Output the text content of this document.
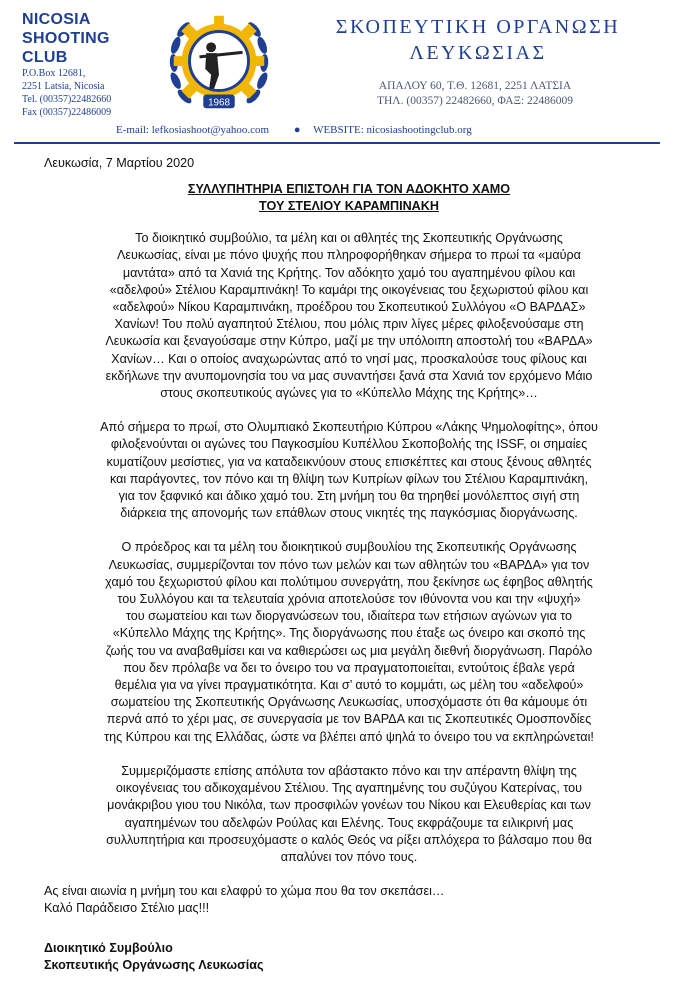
NICOSIA
SHOOTING
CLUB
P.O.Box 12681,
2251 Latsia, Nicosia
Tel. (00357)22482660
Fax (00357)22486009
1968
ΣΚΟΠΕΥΤΙΚΗ ΟΡΓΑΝΩΣΗ
ΛΕΥΚΩΣΙΑΣ
ΑΠΑΛΟΥ 60, Τ.Θ. 12681, 2251 ΛΑΤΣΙΑ
ΤΗΛ. (00357) 22482660, ΦΑΞ: 22486009
E-mail: lefkosiashoot@yahoo.com ● WEBSITE: nicosiashootingclub.org
Λευκωσία, 7 Μαρτίου 2020
ΣΥΛΛΥΠΗΤΗΡΙΑ ΕΠΙΣΤΟΛΗ ΓΙΑ ΤΟΝ ΑΔΟΚΗΤΟ ΧΑΜΟ
ΤΟΥ ΣΤΕΛΙΟΥ ΚΑΡΑΜΠΙΝΑΚΗ
Το διοικητικό συμβούλιο, τα μέλη και οι αθλητές της Σκοπευτικής Οργάνωσης
Λευκωσίας, είναι με πόνο ψυχής που πληροφορήθηκαν σήμερα το πρωί τα «μαύρα
μαντάτα» από τα Χανιά της Κρήτης. Τον αδόκητο χαμό του αγαπημένου φίλου και
«αδελφού» Στέλιου Καραμπινάκη! Το καμάρι της οικογένειας του ξεχωριστού φίλου και
«αδελφού» Νίκου Καραμπινάκη, προέδρου του Σκοπευτικού Συλλόγου «Ο ΒΑΡΔΑΣ»
Χανίων! Του πολύ αγαπητού Στέλιου, που μόλις πριν λίγες μέρες φιλοξενούσαμε στη
Λευκωσία και ξεναγούσαμε στην Κύπρο, μαζί με την υπόλοιπη αποστολή του «ΒΑΡΔΑ»
Χανίων… Και ο οποίος αναχωρώντας από το νησί μας, προσκαλούσε τους φίλους και
εκδήλωνε την ανυπομονησία του να μας συναντήσει ξανά στα Χανιά τον ερχόμενο Μάιο
στους σκοπευτικούς αγώνες για το «Κύπελλο Μάχης της Κρήτης»…
Από σήμερα το πρωί, στο Ολυμπιακό Σκοπευτήριο Κύπρου «Λάκης Ψημολοφίτης», όπου
φιλοξενούνται οι αγώνες του Παγκοσμίου Κυπέλλου Σκοποβολής της ISSF, οι σημαίες
κυματίζουν μεσίστιες, για να καταδεικνύουν στους επισκέπτες και στους ξένους αθλητές
και παράγοντες, τον πόνο και τη θλίψη των Κυπρίων φίλων του Στέλιου Καραμπινάκη,
για τον ξαφνικό και άδικο χαμό του. Στη μνήμη του θα τηρηθεί μονόλεπτος σιγή στη
διάρκεια της απονομής των επάθλων στους νικητές της παγκόσμιας διοργάνωσης.
Ο πρόεδρος και τα μέλη του διοικητικού συμβουλίου της Σκοπευτικής Οργάνωσης
Λευκωσίας, συμμερίζονται τον πόνο των μελών και των αθλητών του «ΒΑΡΔΑ» για τον
χαμό του ξεχωριστού φίλου και πολύτιμου συνεργάτη, που ξεκίνησε ως έφηβος αθλητής
του Συλλόγου και τα τελευταία χρόνια αποτελούσε τον ιθύνοντα νου και την «ψυχή»
του σωματείου και των διοργανώσεων του, ιδιαίτερα των ετήσιων αγώνων για το
«Κύπελλο Μάχης της Κρήτης». Της διοργάνωσης που έταξε ως όνειρο και σκοπό της
ζωής του να αναβαθμίσει και να καθιερώσει ως μια μεγάλη διεθνή διοργάνωση. Παρόλο
που δεν πρόλαβε να δει το όνειρο του να πραγματοποιείται, εντούτοις έβαλε γερά
θεμέλια για να γίνει πραγματικότητα. Και σ’ αυτό το κομμάτι, ως μέλη του «αδελφού»
σωματείου της Σκοπευτικής Οργάνωσης Λευκωσίας, υποσχόμαστε ότι θα κάμουμε ότι
περνά από το χέρι μας, σε συνεργασία με τον ΒΑΡΔΑ και τις Σκοπευτικές Ομοσπονδίες
της Κύπρου και της Ελλάδας, ώστε να βλέπει από ψηλά το όνειρο του να εκπληρώνεται!
Συμμεριζόμαστε επίσης απόλυτα τον αβάστακτο πόνο και την απέραντη θλίψη της
οικογένειας του αδικοχαμένου Στέλιου. Της αγαπημένης του συζύγου Κατερίνας, του
μονάκριβου γιου του Νικόλα, των προσφιλών γονέων του Νίκου και Ελευθερίας και των
αγαπημένων του αδελφών Ρούλας και Ελένης. Τους εκφράζουμε τα ειλικρινή μας
συλλυπητήρια και προσευχόμαστε ο καλός Θεός να ρίξει απλόχερα το βάλσαμο που θα
απαλύνει τον πόνο τους.
Ας είναι αιωνία η μνήμη του και ελαφρύ το χώμα που θα τον σκεπάσει…
Καλό Παράδεισο Στέλιο μας!!!
Διοικητικό Συμβούλιο
Σκοπευτικής Οργάνωσης Λευκωσίας
